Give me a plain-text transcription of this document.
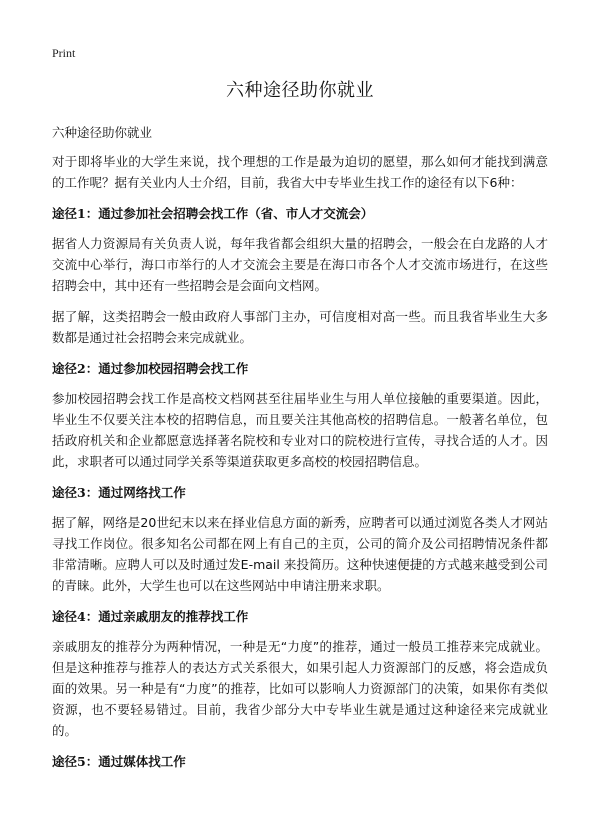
Print
六种途径助你就业

六种途径助你就业

对于即将毕业的大学生来说，找个理想的工作是最为迫切的愿望，那么如何才能找到满意的工作呢？据有关业内人士介绍，目前，我省大中专毕业生找工作的途径有以下6种：

途径1：通过参加社会招聘会找工作（省、市人才交流会）

据省人力资源局有关负责人说，每年我省都会组织大量的招聘会，一般会在白龙路的人才交流中心举行，海口市举行的人才交流会主要是在海口市各个人才交流市场进行，在这些招聘会中，其中还有一些招聘会是会面向文档网。

据了解，这类招聘会一般由政府人事部门主办，可信度相对高一些。而且我省毕业生大多数都是通过社会招聘会来完成就业。

途径2：通过参加校园招聘会找工作

参加校园招聘会找工作是高校文档网甚至往届毕业生与用人单位接触的重要渠道。因此，毕业生不仅要关注本校的招聘信息，而且要关注其他高校的招聘信息。一般著名单位，包括政府机关和企业都愿意选择著名院校和专业对口的院校进行宣传，寻找合适的人才。因此，求职者可以通过同学关系等渠道获取更多高校的校园招聘信息。

途径3：通过网络找工作

据了解，网络是20世纪末以来在择业信息方面的新秀，应聘者可以通过浏览各类人才网站寻找工作岗位。很多知名公司都在网上有自己的主页，公司的简介及公司招聘情况条件都非常清晰。应聘人可以及时通过发E-mail 来投简历。这种快速便捷的方式越来越受到公司的青睐。此外，大学生也可以在这些网站中申请注册来求职。

途径4：通过亲戚朋友的推荐找工作

亲戚朋友的推荐分为两种情况，一种是无“力度”的推荐，通过一般员工推荐来完成就业。但是这种推荐与推荐人的表达方式关系很大，如果引起人力资源部门的反感，将会造成负面的效果。另一种是有“力度”的推荐，比如可以影响人力资源部门的决策，如果你有类似资源，也不要轻易错过。目前，我省少部分大中专毕业生就是通过这种途径来完成就业的。

途径5：通过媒体找工作
